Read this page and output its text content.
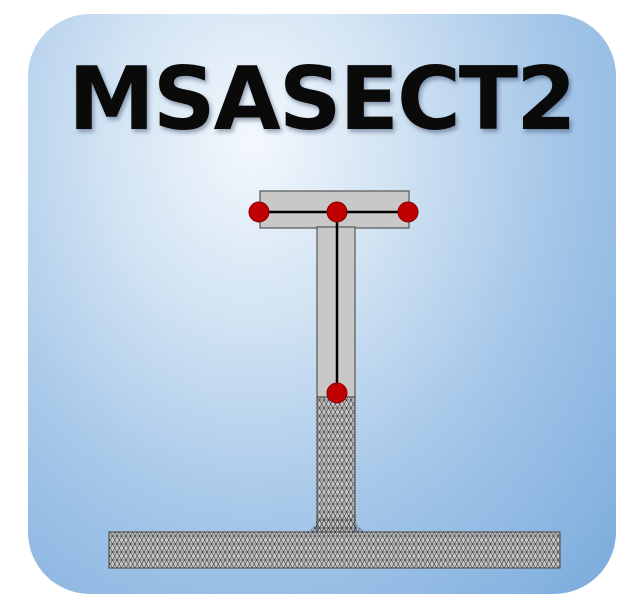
MSASECT2
